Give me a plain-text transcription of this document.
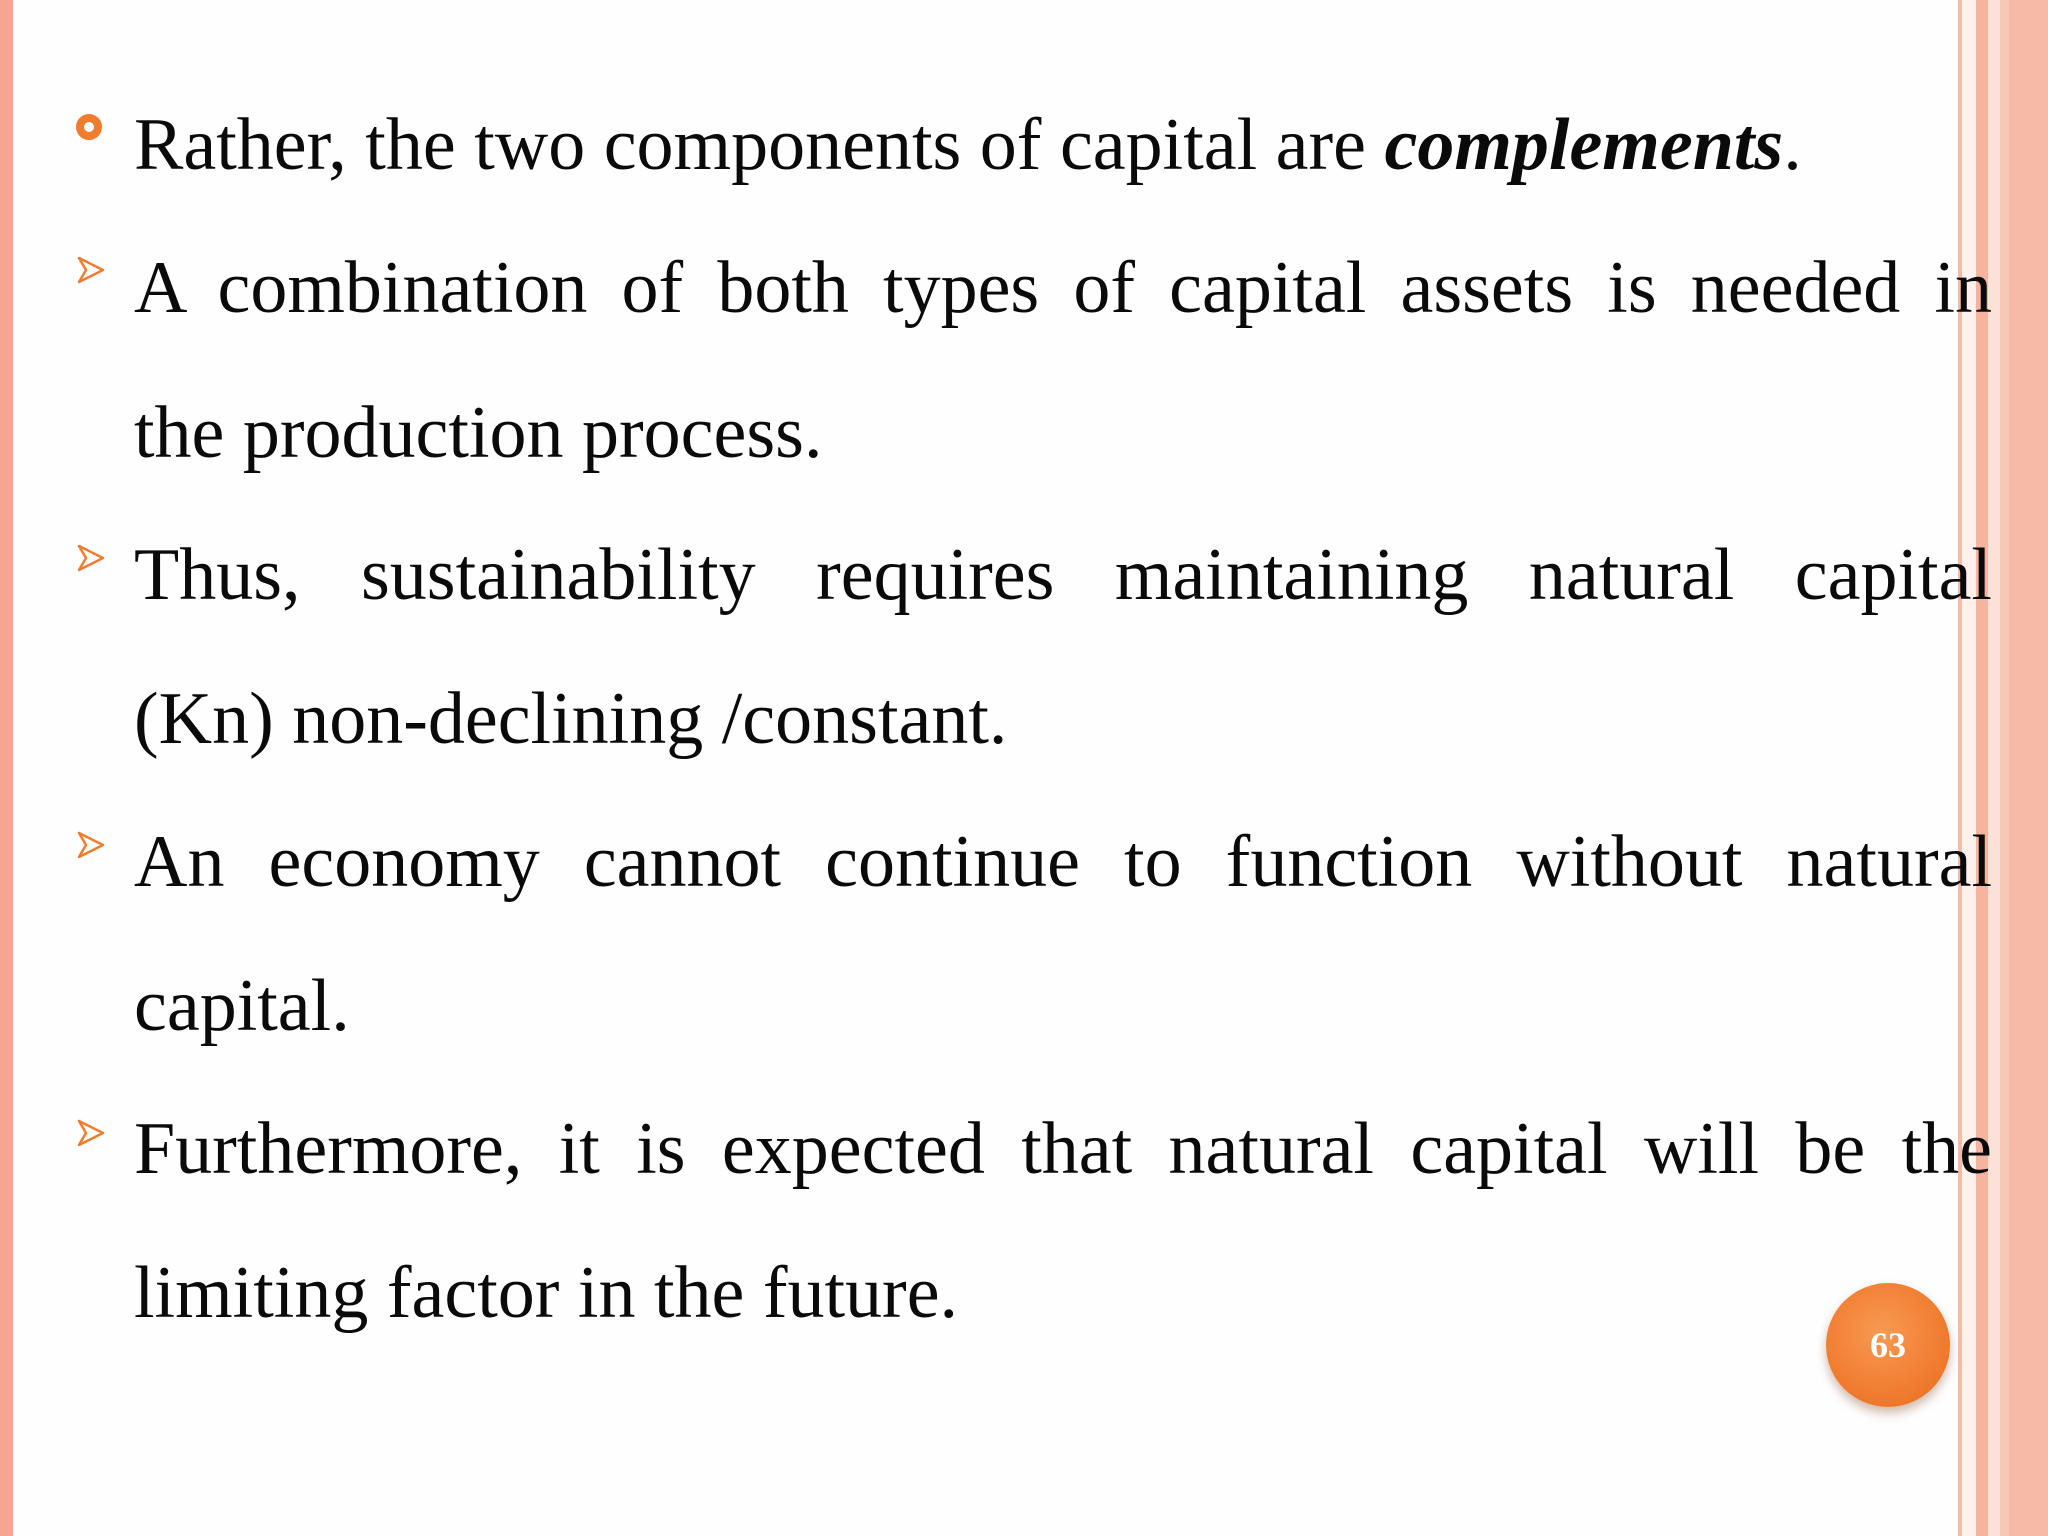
Rather, the two components of capital are complements.
A combination of both types of capital assets is needed in
the production process.
Thus, sustainability requires maintaining natural capital
(Kn) non-declining /constant.
An economy cannot continue to function without natural
capital.
Furthermore, it is expected that natural capital will be the
limiting factor in the future.
63
